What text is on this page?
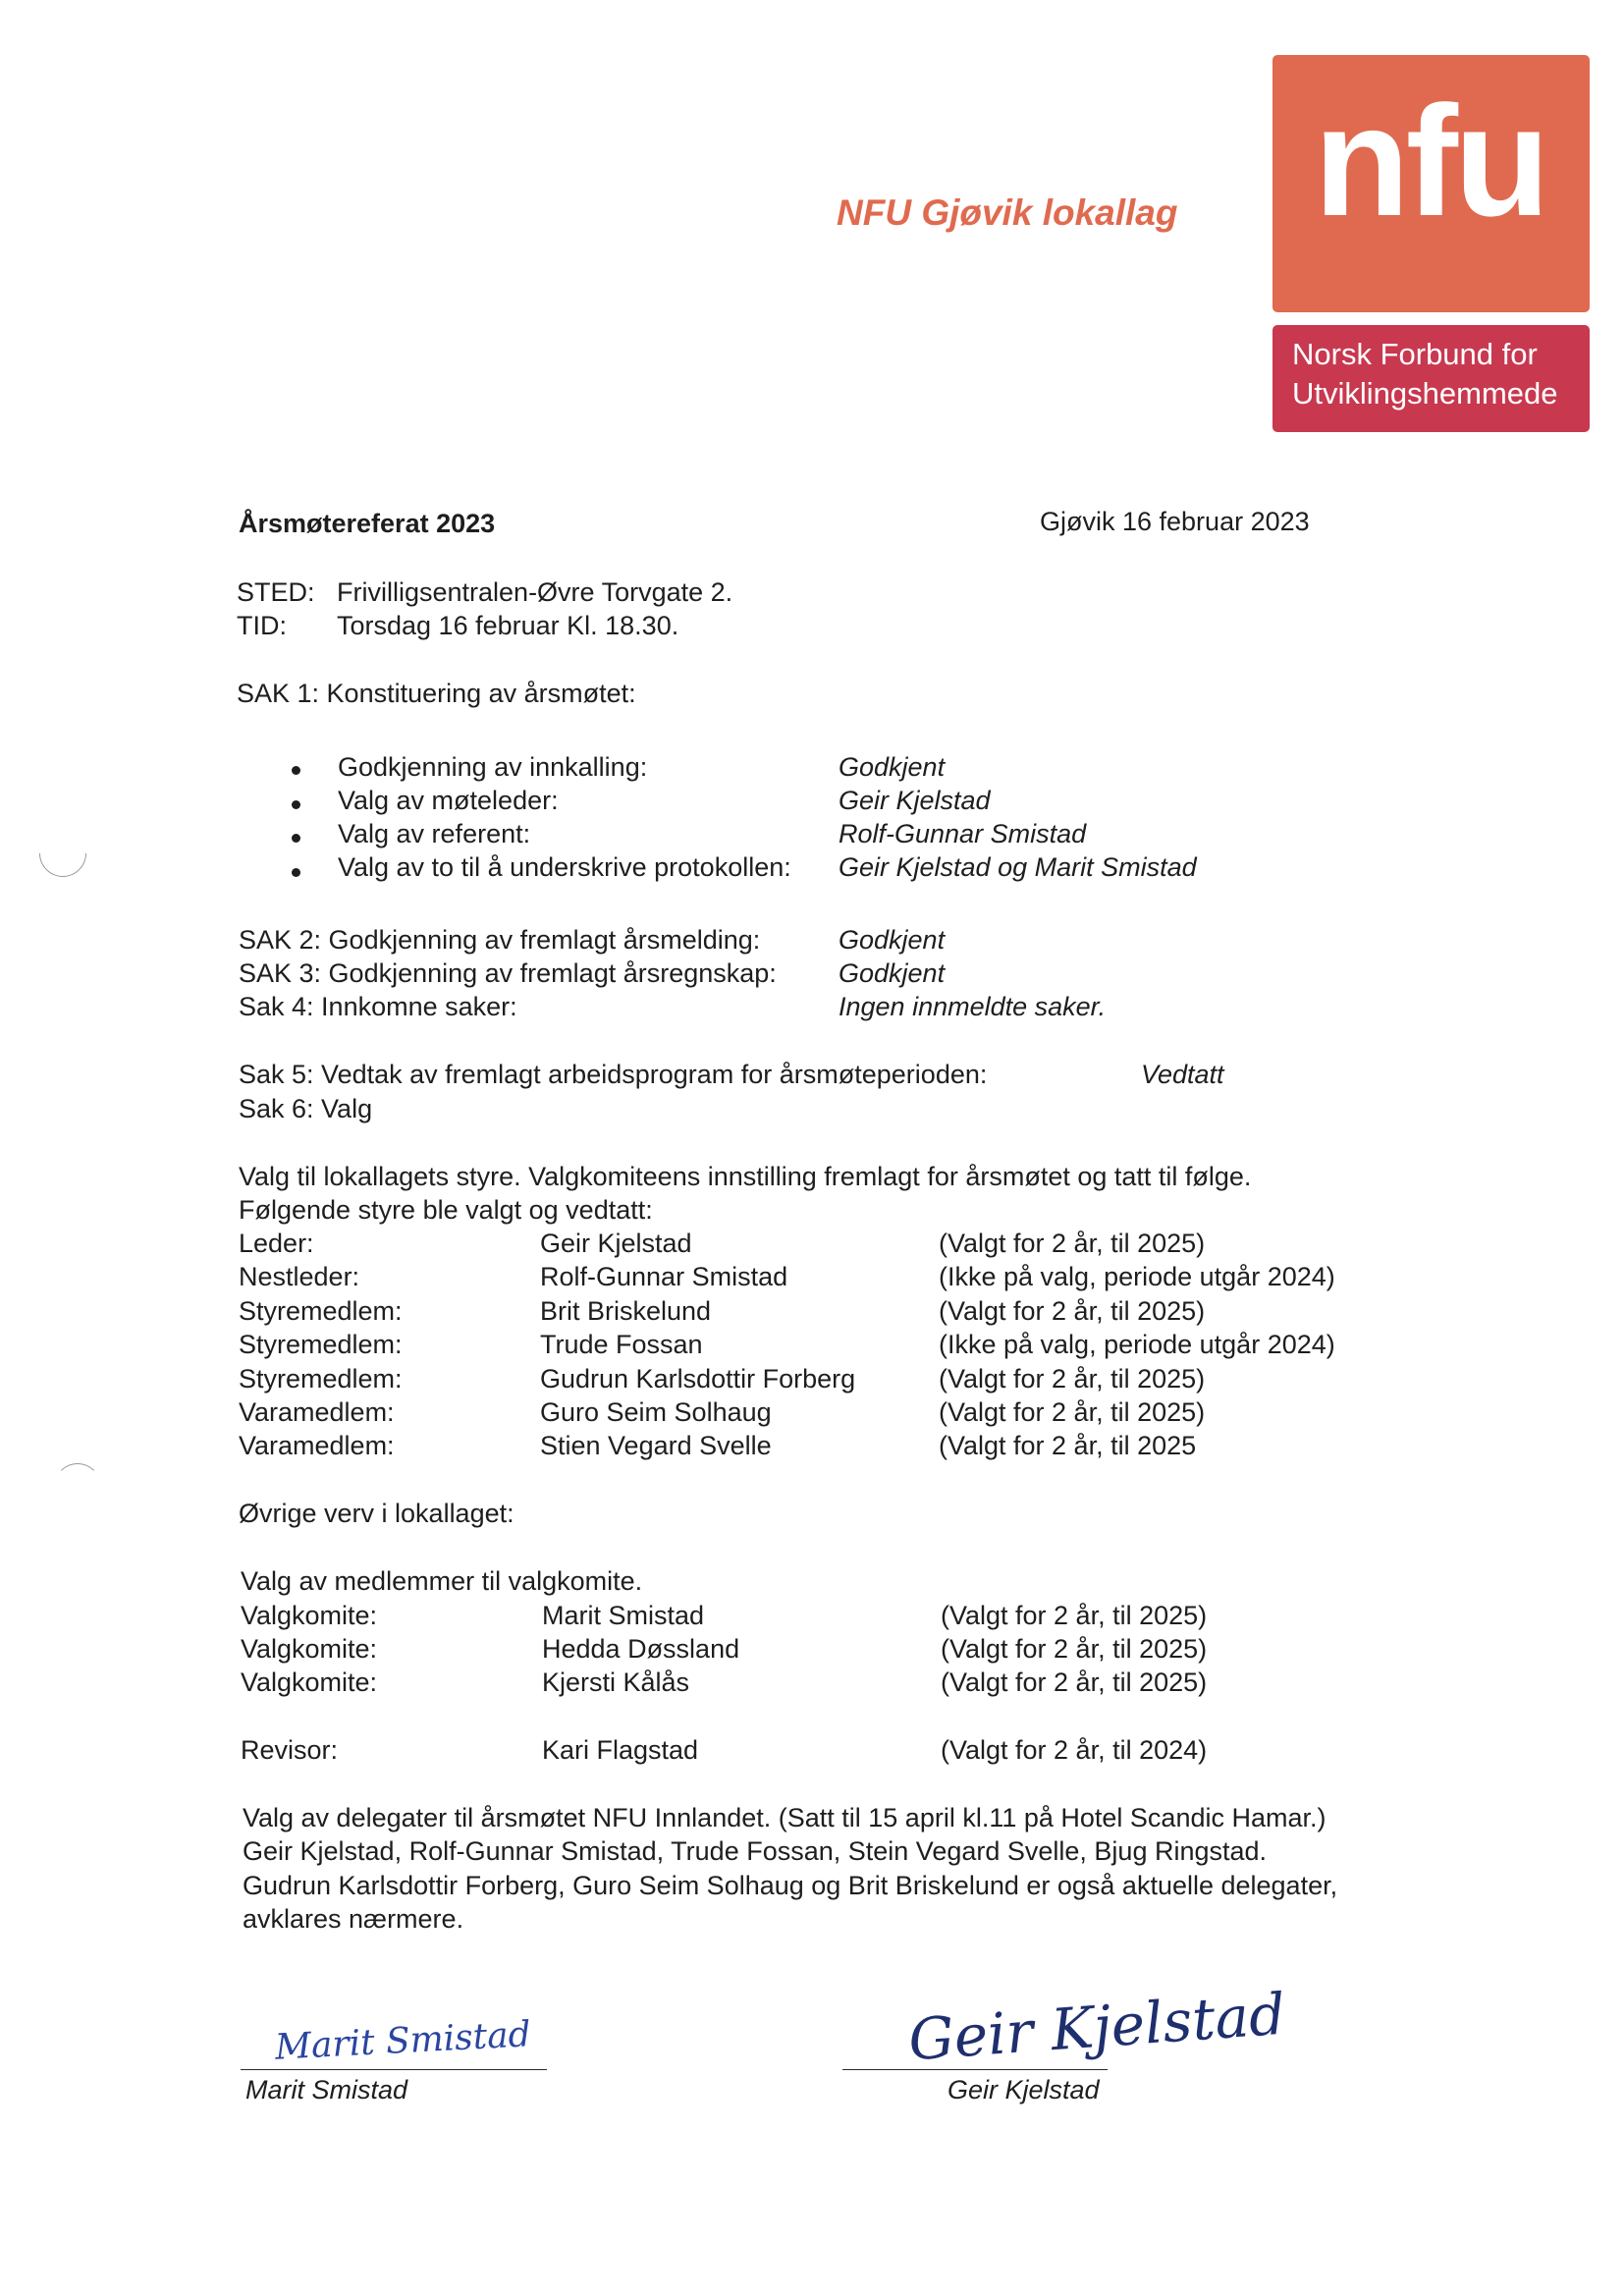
NFU Gjøvik lokallag nfu
Norsk Forbund for
Utviklingshemmede
Årsmøtereferat 2023	Gjøvik 16 februar 2023
STED: Frivilligsentralen-Øvre Torvgate 2.
TID: Torsdag 16 februar Kl. 18.30.
SAK 1: Konstituering av årsmøtet:
Godkjenning av innkalling:	Godkjent
Valg av møteleder:	Geir Kjelstad
Valg av referent:	Rolf-Gunnar Smistad
Valg av to til å underskrive protokollen: Geir Kjelstad og Marit Smistad
SAK 2: Godkjenning av fremlagt årsmelding:	Godkjent
SAK 3: Godkjenning av fremlagt årsregnskap: Godkjent
Sak 4: Innkomne saker:	Ingen innmeldte saker.
Sak 5: Vedtak av fremlagt arbeidsprogram for årsmøteperioden:	Vedtatt
Sak 6: Valg
Valg til lokallagets styre. Valgkomiteens innstilling fremlagt for årsmøtet og tatt til følge.
Følgende styre ble valgt og vedtatt:
Leder:	Geir Kjelstad	(Valgt for 2 år, til 2025)
Nestleder:	Rolf-Gunnar Smistad	(Ikke på valg, periode utgår 2024)
Styremedlem:	Brit Briskelund	(Valgt for 2 år, til 2025)
Styremedlem:	Trude Fossan	(Ikke på valg, periode utgår 2024)
Styremedlem:	Gudrun Karlsdottir Forberg	(Valgt for 2 år, til 2025)
Varamedlem:	Guro Seim Solhaug	(Valgt for 2 år, til 2025)
Varamedlem:	Stien Vegard Svelle	(Valgt for 2 år, til 2025
Øvrige verv i lokallaget:
Valg av medlemmer til valgkomite.
Valgkomite:	Marit Smistad	(Valgt for 2 år, til 2025)
Valgkomite:	Hedda Døssland	(Valgt for 2 år, til 2025)
Valgkomite:	Kjersti Kålås	(Valgt for 2 år, til 2025)
Revisor:	Kari Flagstad	(Valgt for 2 år, til 2024)
Valg av delegater til årsmøtet NFU Innlandet. (Satt til 15 april kl.11 på Hotel Scandic Hamar.)
Geir Kjelstad, Rolf-Gunnar Smistad, Trude Fossan, Stein Vegard Svelle, Bjug Ringstad.
Gudrun Karlsdottir Forberg, Guro Seim Solhaug og Brit Briskelund er også aktuelle delegater,
avklares nærmere.
Marit Smistad
Marit Smistad
Geir Kjelstad
Geir Kjelstad
